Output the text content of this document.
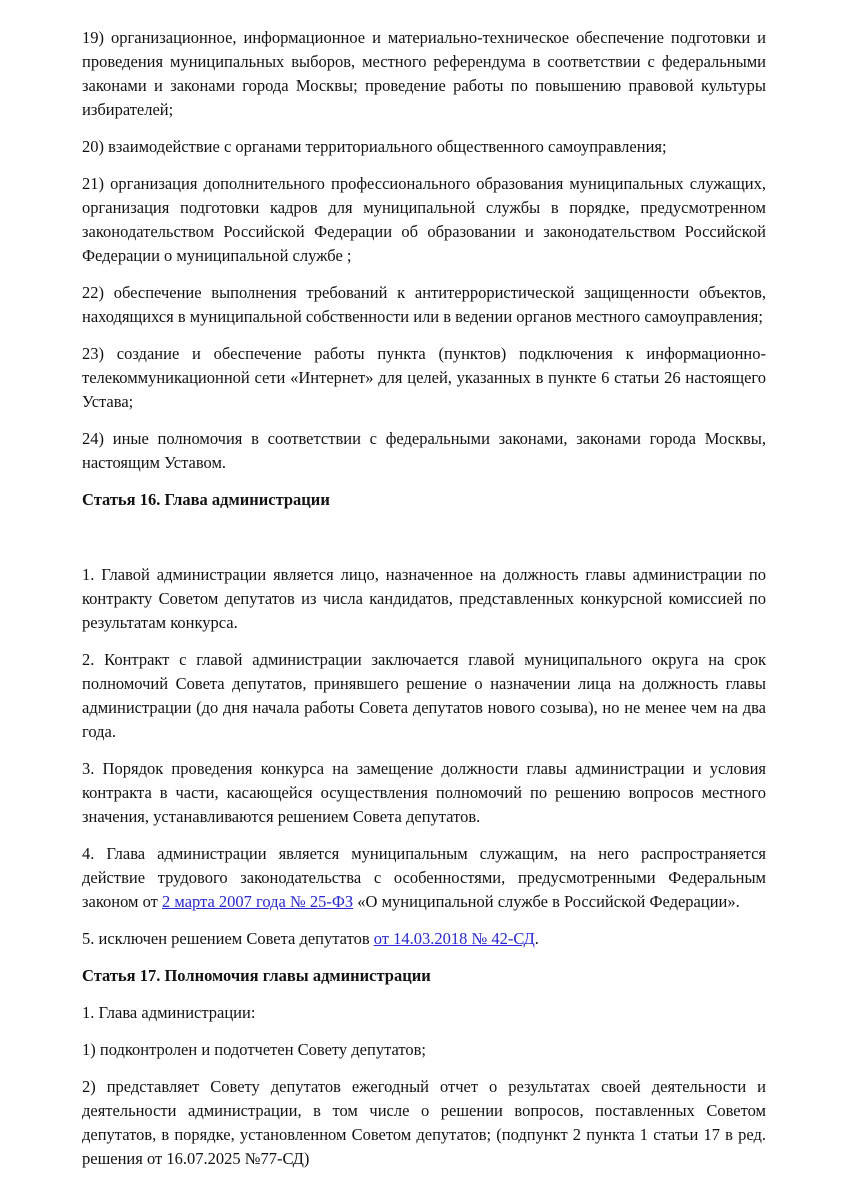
19) организационное, информационное и материально-техническое обеспечение подготовки и проведения муниципальных выборов, местного референдума в соответствии с федеральными законами и законами города Москвы; проведение работы по повышению правовой культуры избирателей;

20) взаимодействие с органами территориального общественного самоуправления;

21) организация дополнительного профессионального образования муниципальных служащих, организация подготовки кадров для муниципальной службы в порядке, предусмотренном законодательством Российской Федерации об образовании и законодательством Российской Федерации о муниципальной службе ;

22) обеспечение выполнения требований к антитеррористической защищенности объектов, находящихся в муниципальной собственности или в ведении органов местного самоуправления;

23) создание и обеспечение работы пункта (пунктов) подключения к информационно-телекоммуникационной сети «Интернет» для целей, указанных в пункте 6 статьи 26 настоящего Устава;

24) иные полномочия в соответствии с федеральными законами, законами города Москвы, настоящим Уставом.

Статья 16. Глава администрации

1. Главой администрации является лицо, назначенное на должность главы администрации по контракту Советом депутатов из числа кандидатов, представленных конкурсной комиссией по результатам конкурса.

2. Контракт с главой администрации заключается главой муниципального округа на срок полномочий Совета депутатов, принявшего решение о назначении лица на должность главы администрации (до дня начала работы Совета депутатов нового созыва), но не менее чем на два года.

3. Порядок проведения конкурса на замещение должности главы администрации и условия контракта в части, касающейся осуществления полномочий по решению вопросов местного значения, устанавливаются решением Совета депутатов.

4. Глава администрации является муниципальным служащим, на него распространяется действие трудового законодательства с особенностями, предусмотренными Федеральным законом от 2 марта 2007 года № 25-ФЗ «О муниципальной службе в Российской Федерации».

5. исключен решением Совета депутатов от 14.03.2018 № 42-СД.

Статья 17. Полномочия главы администрации

1. Глава администрации:

1) подконтролен и подотчетен Совету депутатов;

2) представляет Совету депутатов ежегодный отчет о результатах своей деятельности и деятельности администрации, в том числе о решении вопросов, поставленных Советом депутатов, в порядке, установленном Советом депутатов; (подпункт 2 пункта 1 статьи 17 в ред. решения от 16.07.2025 №77-СД)
